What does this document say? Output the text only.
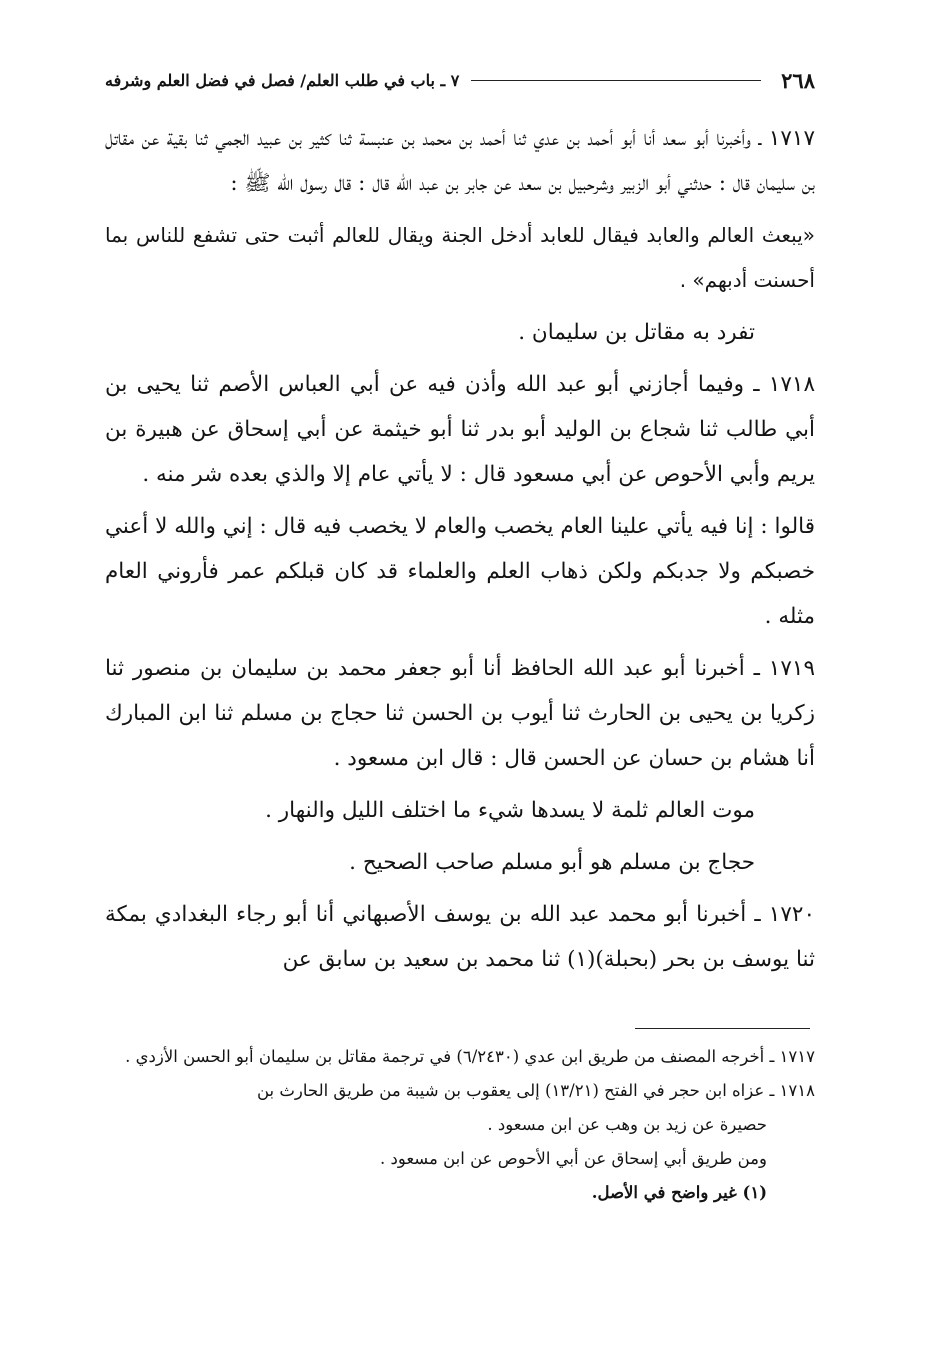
٢٦٨
٧ ـ باب في طلب العلم/ فصل في فضل العلم وشرفه

١٧١٧ ـ وأخبرنا أبو سعد أنا أبو أحمد بن عدي ثنا أحمد بن محمد بن عنبسة ثنا كثير بن عبيد الجمي ثنا بقية عن مقاتل بن سليمان قال : حدثني أبو الزبير وشرحبيل بن سعد عن جابر بن عبد الله قال : قال رسول الله ﷺ :

«يبعث العالم والعابد فيقال للعابد أدخل الجنة ويقال للعالم أثبت حتى تشفع للناس بما أحسنت أدبهم» .

تفرد به مقاتل بن سليمان .

١٧١٨ ـ وفيما أجازني أبو عبد الله وأذن فيه عن أبي العباس الأصم ثنا يحيى بن أبي طالب ثنا شجاع بن الوليد أبو بدر ثنا أبو خيثمة عن أبي إسحاق عن هبيرة بن يريم وأبي الأحوص عن أبي مسعود قال : لا يأتي عام إلا والذي بعده شر منه .

قالوا : إنا فيه يأتي علينا العام يخصب والعام لا يخصب فيه قال : إني والله لا أعني خصبكم ولا جدبكم ولكن ذهاب العلم والعلماء قد كان قبلكم عمر فأروني العام مثله .

١٧١٩ ـ أخبرنا أبو عبد الله الحافظ أنا أبو جعفر محمد بن سليمان بن منصور ثنا زكريا بن يحيى بن الحارث ثنا أيوب بن الحسن ثنا حجاج بن مسلم ثنا ابن المبارك أنا هشام بن حسان عن الحسن قال : قال ابن مسعود .

موت العالم ثلمة لا يسدها شيء ما اختلف الليل والنهار .

حجاج بن مسلم هو أبو مسلم صاحب الصحيح .

١٧٢٠ ـ أخبرنا أبو محمد عبد الله بن يوسف الأصبهاني أنا أبو رجاء البغدادي بمكة ثنا يوسف بن بحر (بحبلة)(١) ثنا محمد بن سعيد بن سابق عن

١٧١٧ ـ أخرجه المصنف من طريق ابن عدي (٦/٢٤٣٠) في ترجمة مقاتل بن سليمان أبو الحسن الأزدي .

١٧١٨ ـ عزاه ابن حجر في الفتح (١٣/٢١) إلى يعقوب بن شيبة من طريق الحارث بن

حصيرة عن زيد بن وهب عن ابن مسعود .

ومن طريق أبي إسحاق عن أبي الأحوص عن ابن مسعود .

(١) غير واضح في الأصل.
